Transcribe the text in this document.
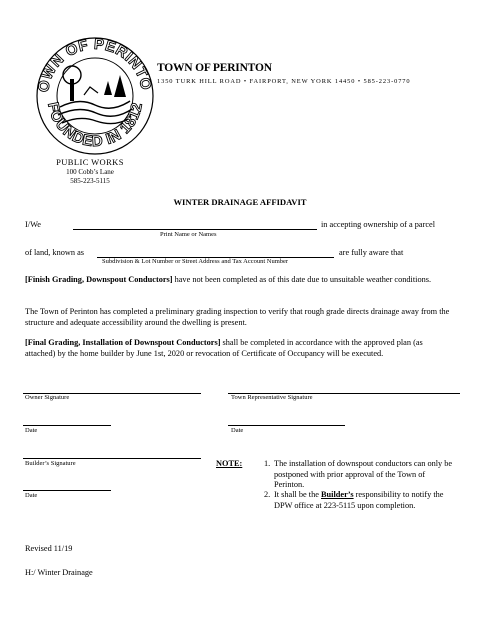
OWN OF PERINTO
FOUNDED IN 1812
TOWN OF PERINTON
1350 TURK HILL ROAD • FAIRPORT, NEW YORK 14450 • 585-223-0770
PUBLIC WORKS
100 Cobb’s Lane
585-223-5115
WINTER DRAINAGE AFFIDAVIT
I/We	in accepting ownership of a parcel
Print Name or Names
of land, known as	are fully aware that
Subdivision & Lot Number or Street Address and Tax Account Number
[Finish Grading, Downspout Conductors] have not been completed as of this date due to unsuitable weather conditions.
The Town of Perinton has completed a preliminary grading inspection to verify that rough grade directs drainage away from the structure and adequate accessibility around the dwelling is present.
[Final Grading, Installation of Downspout Conductors] shall be completed in accordance with the approved plan (as attached) by the home builder by June 1st, 2020 or revocation of Certificate of Occupancy will be executed.
Owner Signature	Town Representative Signature
Date	Date
Builder’s Signature
Date
NOTE:	1. The installation of downspout conductors can only be postponed with prior approval of the Town of Perinton.
2. It shall be the Builder’s responsibility to notify the DPW office at 223-5115 upon completion.
Revised 11/19
H:/ Winter Drainage
